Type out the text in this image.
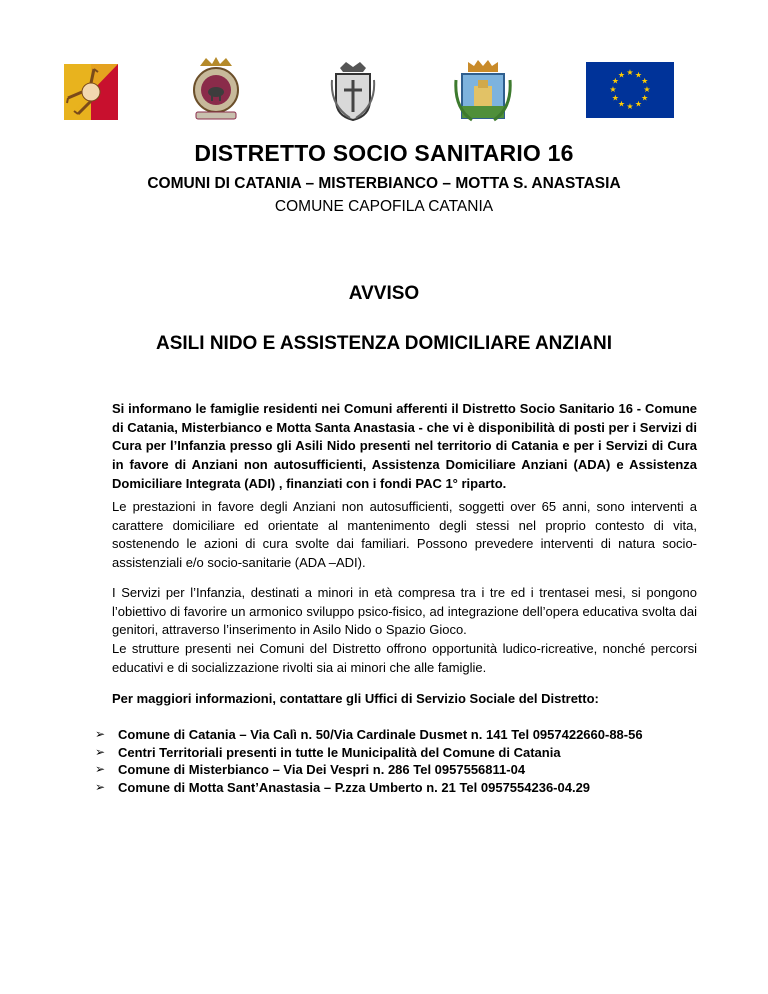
★ ★
★
★
★
★
★
★
★
★
★
★
DISTRETTO SOCIO SANITARIO 16
COMUNI DI CATANIA – MISTERBIANCO – MOTTA S. ANASTASIA
COMUNE CAPOFILA CATANIA
AVVISO
ASILI NIDO E ASSISTENZA DOMICILIARE ANZIANI
Si informano le famiglie residenti nei Comuni afferenti il Distretto Socio Sanitario 16 - Comune di Catania, Misterbianco e Motta Santa Anastasia - che vi è disponibilità di posti per i Servizi di Cura per l’Infanzia presso gli Asili Nido presenti nel territorio di Catania e per i Servizi di Cura in favore di Anziani non autosufficienti, Assistenza Domiciliare Anziani (ADA) e Assistenza Domiciliare Integrata (ADI) , finanziati con i fondi PAC 1° riparto.
Le prestazioni in favore degli Anziani non autosufficienti, soggetti over 65 anni, sono interventi a carattere domiciliare ed orientate al mantenimento degli stessi nel proprio contesto di vita, sostenendo le azioni di cura svolte dai familiari. Possono prevedere interventi di natura socio-assistenziali e/o socio-sanitarie (ADA –ADI).
I Servizi per l’Infanzia, destinati a minori in età compresa tra i tre ed i trentasei mesi, si pongono l’obiettivo di favorire un armonico sviluppo psico-fisico, ad integrazione dell’opera educativa svolta dai genitori, attraverso l’inserimento in Asilo Nido o Spazio Gioco.
Le strutture presenti nei Comuni del Distretto offrono opportunità ludico-ricreative, nonché percorsi educativi e di socializzazione rivolti sia ai minori che alle famiglie.
Per maggiori informazioni, contattare gli Uffici di Servizio Sociale del Distretto:
➢ Comune di Catania – Via Calì n. 50/Via Cardinale Dusmet n. 141 Tel 0957422660-88-56
➢ Centri Territoriali presenti in tutte le Municipalità del Comune di Catania
➢ Comune di Misterbianco – Via Dei Vespri n. 286 Tel 0957556811-04
➢ Comune di Motta Sant’Anastasia – P.zza Umberto n. 21 Tel 0957554236-04.29
